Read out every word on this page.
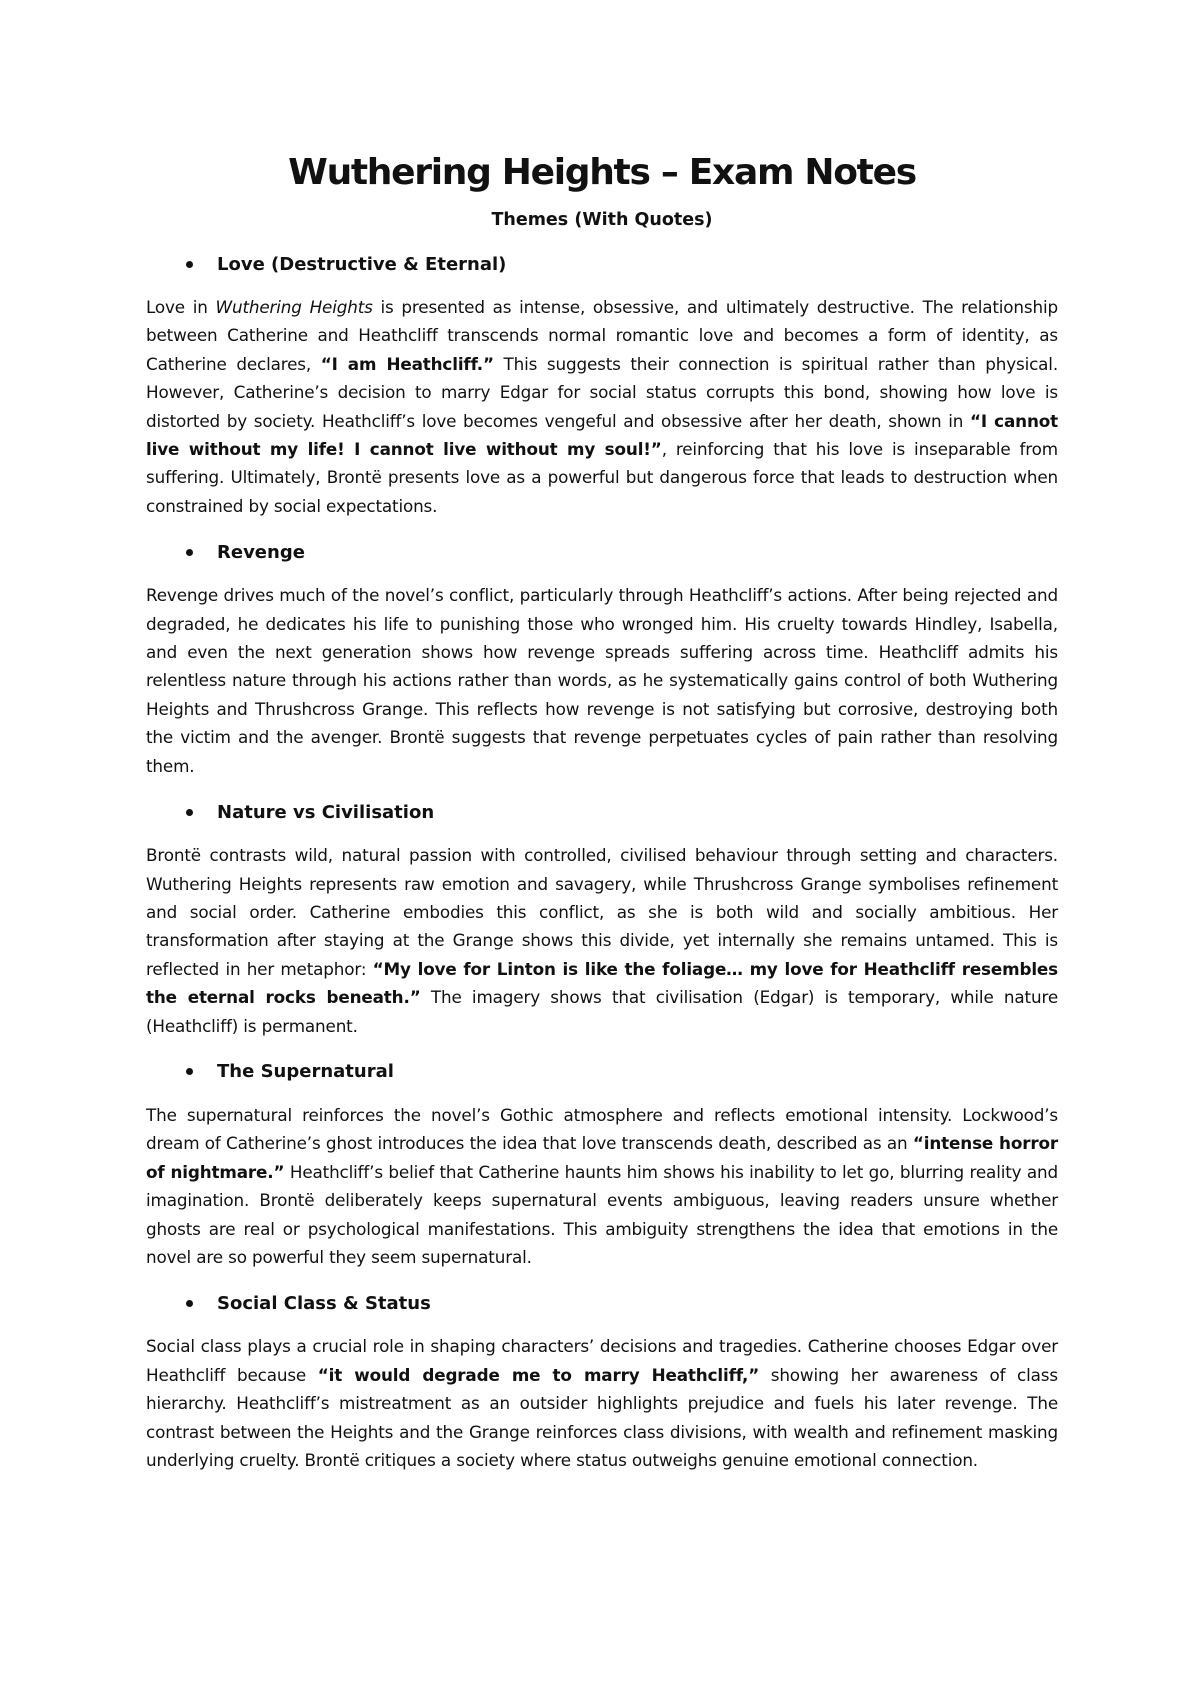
Wuthering Heights – Exam Notes
Themes (With Quotes)
Love (Destructive & Eternal)

Love in Wuthering Heights is presented as intense, obsessive, and ultimately destructive. The relationship between Catherine and Heathcliff transcends normal romantic love and becomes a form of identity, as Catherine declares, “I am Heathcliff.” This suggests their connection is spiritual rather than physical. However, Catherine’s decision to marry Edgar for social status corrupts this bond, showing how love is distorted by society. Heathcliff’s love becomes vengeful and obsessive after her death, shown in “I cannot live without my life! I cannot live without my soul!”, reinforcing that his love is inseparable from suffering. Ultimately, Brontë presents love as a powerful but dangerous force that leads to destruction when constrained by social expectations.

Revenge

Revenge drives much of the novel’s conflict, particularly through Heathcliff’s actions. After being rejected and degraded, he dedicates his life to punishing those who wronged him. His cruelty towards Hindley, Isabella, and even the next generation shows how revenge spreads suffering across time. Heathcliff admits his relentless nature through his actions rather than words, as he systematically gains control of both Wuthering Heights and Thrushcross Grange. This reflects how revenge is not satisfying but corrosive, destroying both the victim and the avenger. Brontë suggests that revenge perpetuates cycles of pain rather than resolving them.

Nature vs Civilisation

Brontë contrasts wild, natural passion with controlled, civilised behaviour through setting and characters. Wuthering Heights represents raw emotion and savagery, while Thrushcross Grange symbolises refinement and social order. Catherine embodies this conflict, as she is both wild and socially ambitious. Her transformation after staying at the Grange shows this divide, yet internally she remains untamed. This is reflected in her metaphor: “My love for Linton is like the foliage… my love for Heathcliff resembles the eternal rocks beneath.” The imagery shows that civilisation (Edgar) is temporary, while nature (Heathcliff) is permanent.

The Supernatural

The supernatural reinforces the novel’s Gothic atmosphere and reflects emotional intensity. Lockwood’s dream of Catherine’s ghost introduces the idea that love transcends death, described as an “intense horror of nightmare.” Heathcliff’s belief that Catherine haunts him shows his inability to let go, blurring reality and imagination. Brontë deliberately keeps supernatural events ambiguous, leaving readers unsure whether ghosts are real or psychological manifestations. This ambiguity strengthens the idea that emotions in the novel are so powerful they seem supernatural.

Social Class & Status

Social class plays a crucial role in shaping characters’ decisions and tragedies. Catherine chooses Edgar over Heathcliff because “it would degrade me to marry Heathcliff,” showing her awareness of class hierarchy. Heathcliff’s mistreatment as an outsider highlights prejudice and fuels his later revenge. The contrast between the Heights and the Grange reinforces class divisions, with wealth and refinement masking underlying cruelty. Brontë critiques a society where status outweighs genuine emotional connection.
